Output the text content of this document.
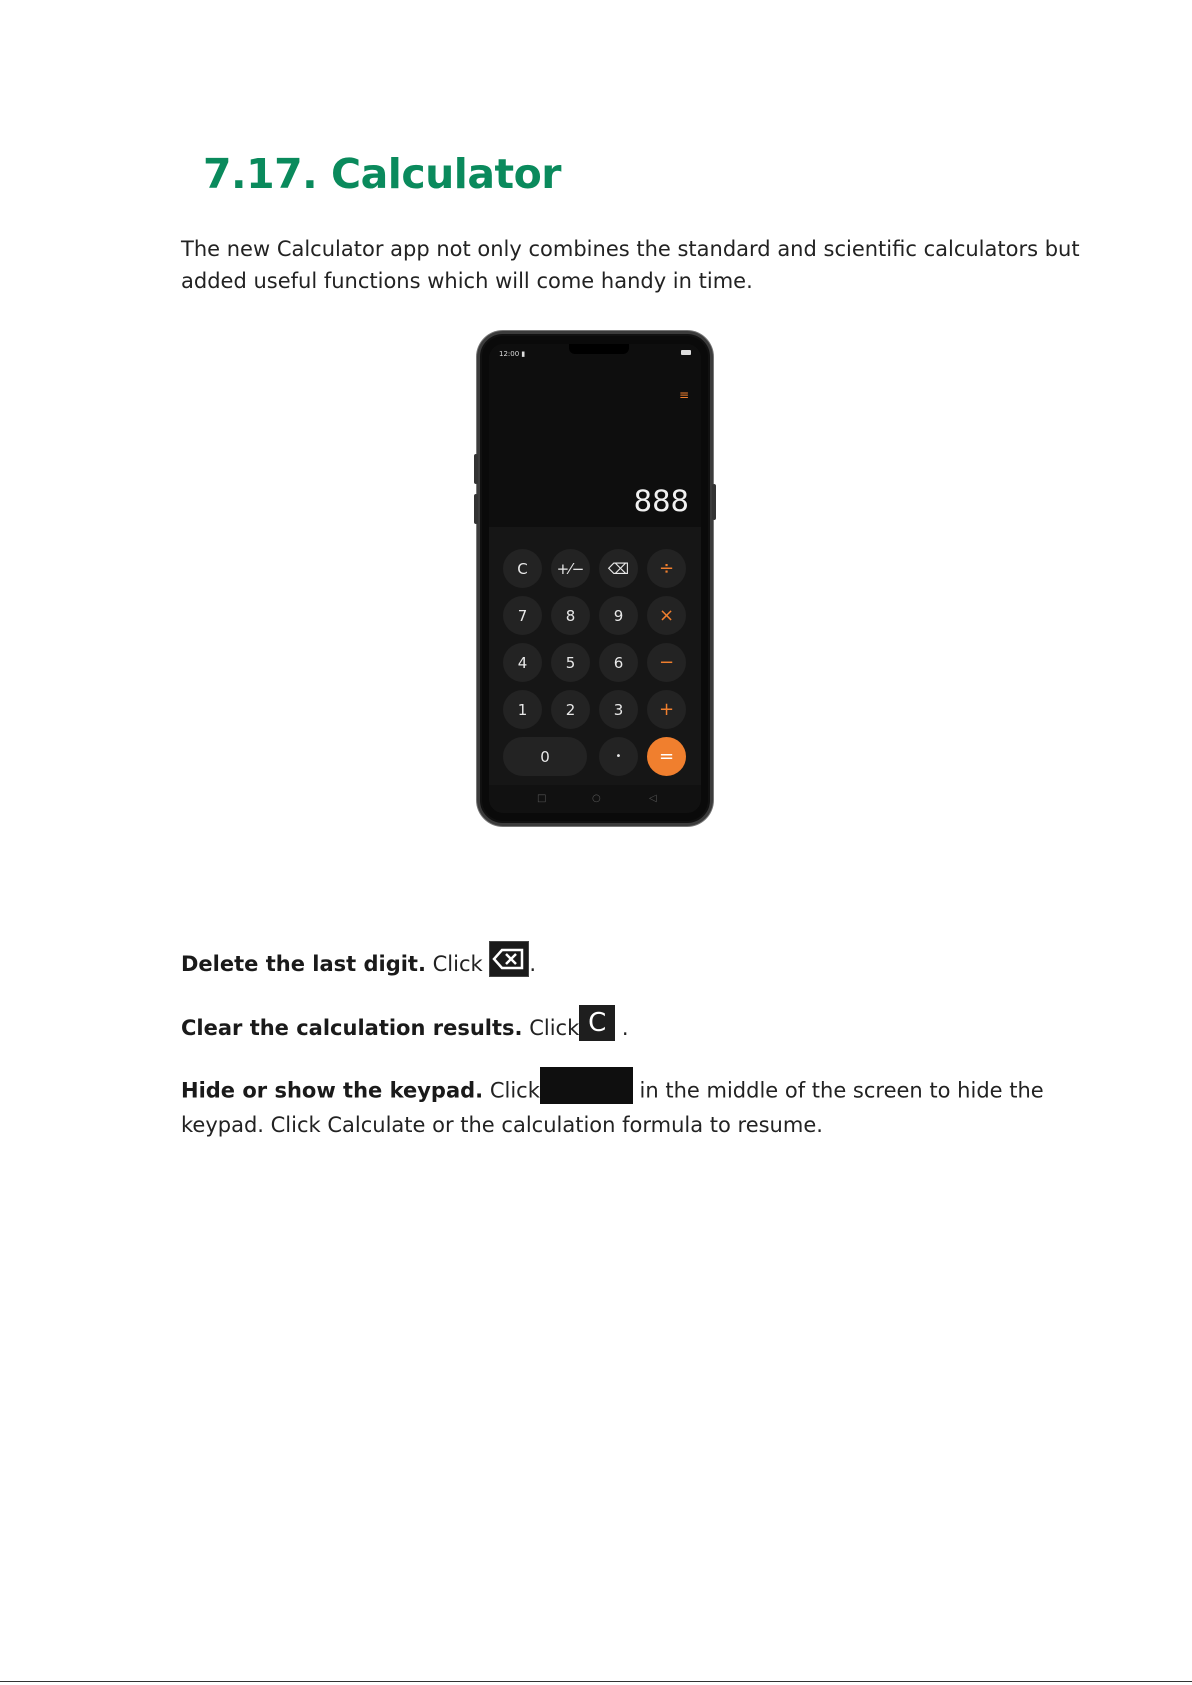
7.17. Calculator

The new Calculator app not only combines the standard and scientific calculators but added useful functions which will come handy in time.

12:00 ▮
≡
888
C	+⁄−	⌫	÷
7	8	9	×
4	5	6	−
1	2	3	+
0	•	=
□	○	◁

Delete the last digit. Click .

Clear the calculation results. Click C .

Hide or show the keypad. Click	in the middle of the screen to hide the

keypad. Click Calculate or the calculation formula to resume.
